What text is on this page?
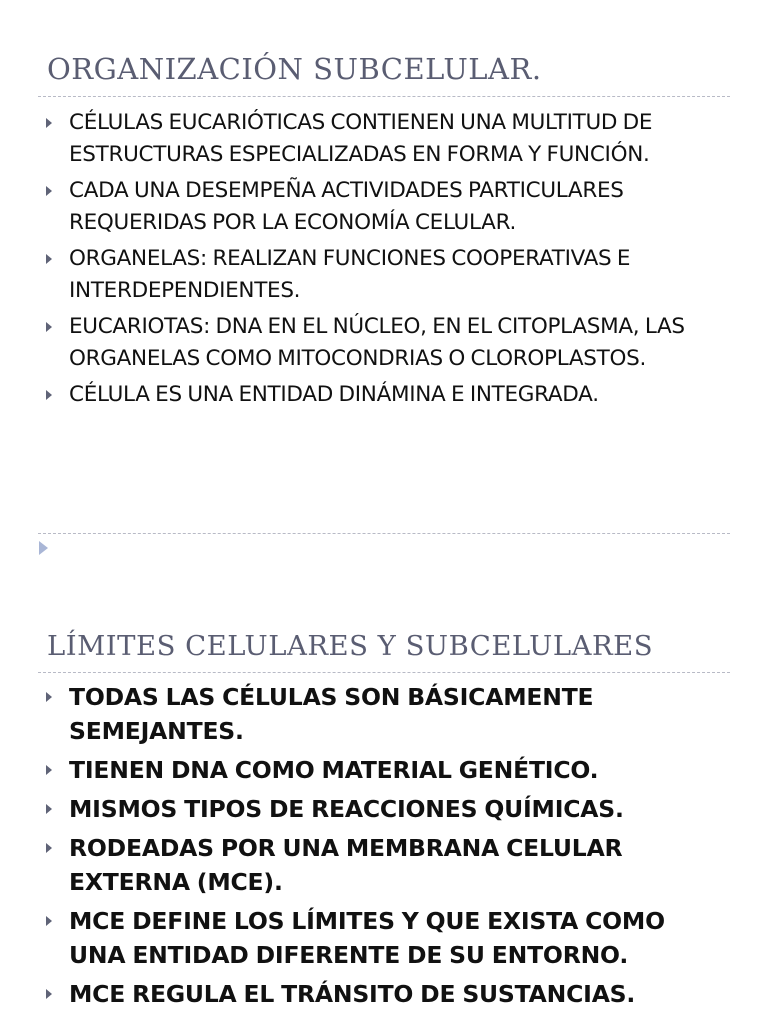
ORGANIZACIÓN SUBCELULAR.
CÉLULAS EUCARIÓTICAS CONTIENEN UNA MULTITUD DE ESTRUCTURAS ESPECIALIZADAS EN FORMA Y FUNCIÓN.
CADA UNA DESEMPEÑA ACTIVIDADES PARTICULARES REQUERIDAS POR LA ECONOMÍA CELULAR.
ORGANELAS: REALIZAN FUNCIONES COOPERATIVAS E INTERDEPENDIENTES.
EUCARIOTAS: DNA EN EL NÚCLEO, EN EL CITOPLASMA, LAS ORGANELAS COMO MITOCONDRIAS O CLOROPLASTOS.
CÉLULA ES UNA ENTIDAD DINÁMINA E INTEGRADA.
LÍMITES CELULARES Y SUBCELULARES
TODAS LAS CÉLULAS SON BÁSICAMENTE SEMEJANTES.
TIENEN DNA COMO MATERIAL GENÉTICO.
MISMOS TIPOS DE REACCIONES QUÍMICAS.
RODEADAS POR UNA MEMBRANA CELULAR EXTERNA (MCE).
MCE DEFINE LOS LÍMITES Y QUE EXISTA COMO UNA ENTIDAD DIFERENTE DE SU ENTORNO.
MCE REGULA EL TRÁNSITO DE SUSTANCIAS.
